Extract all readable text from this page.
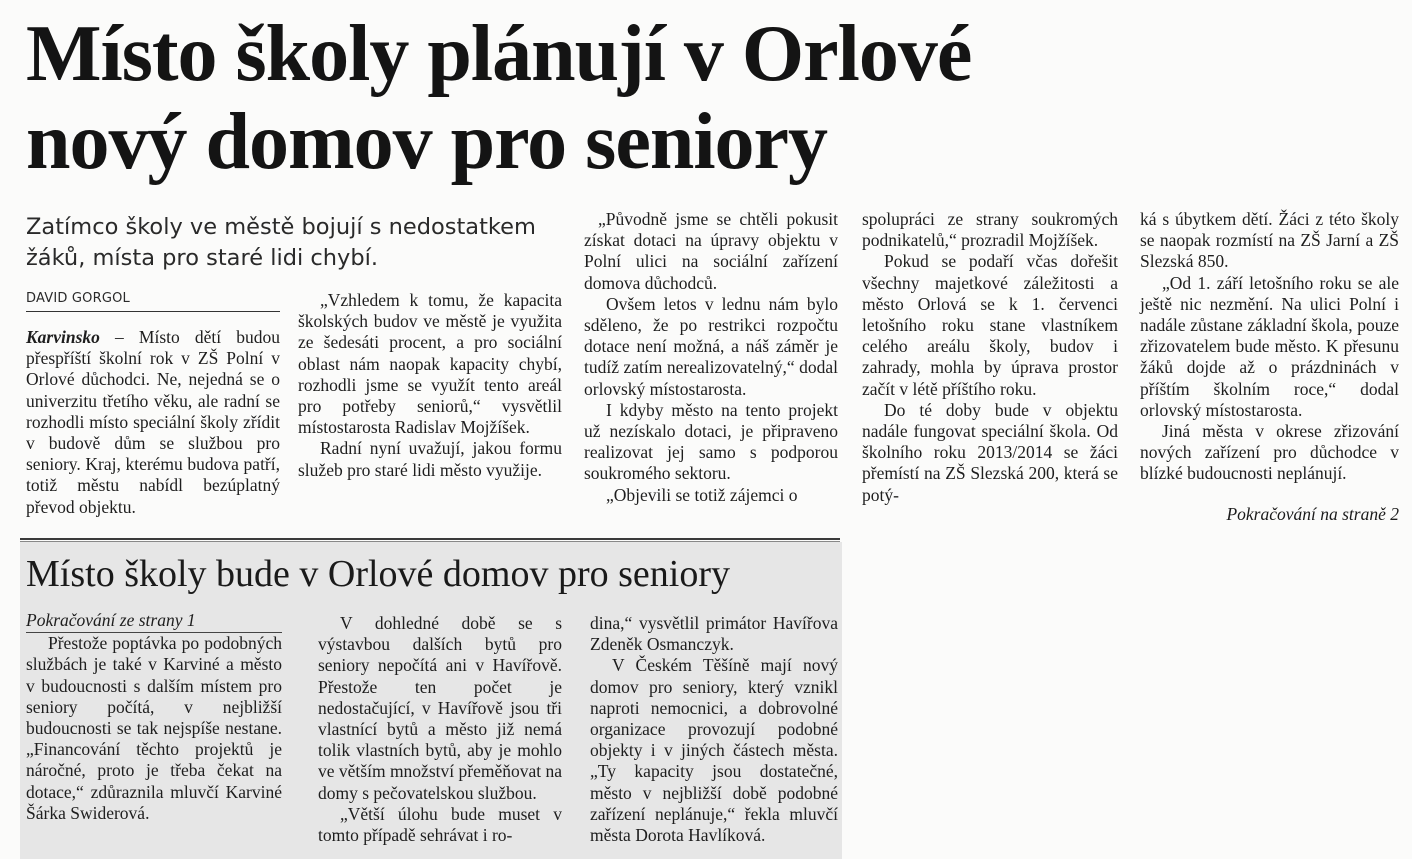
Místo školy plánují v Orlové
nový domov pro seniory

Zatímco školy ve městě bojují s nedostatkem žáků, místa pro staré lidi chybí.

DAVID GORGOL

Karvinsko – Místo dětí budou přespříští školní rok v ZŠ Polní v Orlové důchodci. Ne, nejedná se o univerzitu třetího věku, ale radní se rozhodli místo speciální školy zřídit v budově dům se službou pro seniory. Kraj, kterému budova patří, totiž městu nabídl bezúplatný převod objektu.

„Vzhledem k tomu, že kapacita školských budov ve městě je využita ze šedesáti procent, a pro sociální oblast nám naopak kapacity chybí, rozhodli jsme se využít tento areál pro potřeby seniorů,“ vysvětlil místostarosta Radislav Mojžíšek.

Radní nyní uvažují, jakou formu služeb pro staré lidi město využije.

„Původně jsme se chtěli pokusit získat dotaci na úpravy objektu v Polní ulici na sociální zařízení domova důchodců.

Ovšem letos v lednu nám bylo sděleno, že po restrikci rozpočtu dotace není možná, a náš záměr je tudíž zatím nerealizovatelný,“ dodal orlovský místostarosta.

I kdyby město na tento projekt už nezískalo dotaci, je připraveno realizovat jej samo s podporou soukromého sektoru.

„Objevili se totiž zájemci o

spolupráci ze strany soukromých podnikatelů,“ prozradil Mojžíšek.

Pokud se podaří včas dořešit všechny majetkové záležitosti a město Orlová se k 1. červenci letošního roku stane vlastníkem celého areálu školy, budov i zahrady, mohla by úprava prostor začít v létě příštího roku.

Do té doby bude v objektu nadále fungovat speciální škola. Od školního roku 2013/2014 se žáci přemístí na ZŠ Slezská 200, která se potý-

ká s úbytkem dětí. Žáci z této školy se naopak rozmístí na ZŠ Jarní a ZŠ Slezská 850.

„Od 1. září letošního roku se ale ještě nic nezmění. Na ulici Polní i nadále zůstane základní škola, pouze zřizovatelem bude město. K přesunu žáků dojde až o prázdninách v příštím školním roce,“ dodal orlovský místostarosta.

Jiná města v okrese zřizování nových zařízení pro důchodce v blízké budoucnosti neplánují.

Pokračování na straně 2
Místo školy bude v Orlové domov pro seniory

Pokračování ze strany 1

Přestože poptávka po podobných službách je také v Karviné a město v budoucnosti s dalším místem pro seniory počítá, v nejbližší budoucnosti se tak nejspíše nestane. „Financování těchto projektů je náročné, proto je třeba čekat na dotace,“ zdůraznila mluvčí Karviné Šárka Swiderová.

V dohledné době se s výstavbou dalších bytů pro seniory nepočítá ani v Havířově. Přestože ten počet je nedostačující, v Havířově jsou tři vlastnící bytů a město již nemá tolik vlastních bytů, aby je mohlo ve větším množství přeměňovat na domy s pečovatelskou službou.

„Větší úlohu bude muset v tomto případě sehrávat i ro-

dina,“ vysvětlil primátor Havířova Zdeněk Osmanczyk.

V Českém Těšíně mají nový domov pro seniory, který vznikl naproti nemocnici, a dobrovolné organizace provozují podobné objekty i v jiných částech města. „Ty kapacity jsou dostatečné, město v nejbližší době podobné zařízení neplánuje,“ řekla mluvčí města Dorota Havlíková.
